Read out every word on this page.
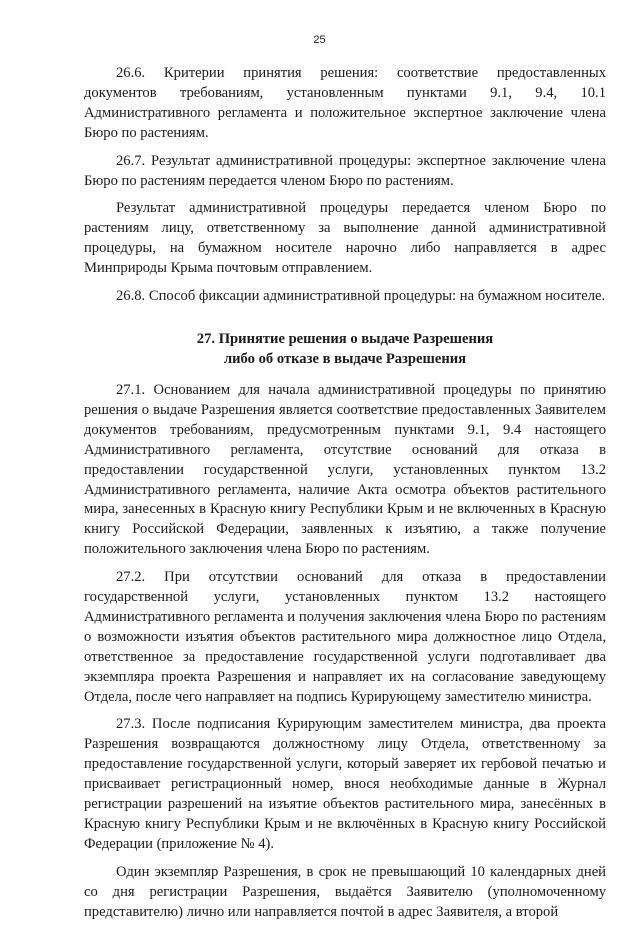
25

26.6. Критерии принятия решения: соответствие предоставленных документов требованиям, установленным пунктами 9.1, 9.4, 10.1 Административного регламента и положительное экспертное заключение члена Бюро по растениям.

26.7. Результат административной процедуры: экспертное заключение члена Бюро по растениям передается членом Бюро по растениям.

Результат административной процедуры передается членом Бюро по растениям лицу, ответственному за выполнение данной административной процедуры, на бумажном носителе нарочно либо направляется в адрес Минприроды Крыма почтовым отправлением.

26.8. Способ фиксации административной процедуры: на бумажном носителе.

27. Принятие решения о выдаче Разрешения
либо об отказе в выдаче Разрешения

27.1. Основанием для начала административной процедуры по принятию решения о выдаче Разрешения является соответствие предоставленных Заявителем документов требованиям, предусмотренным пунктами 9.1, 9.4 настоящего Административного регламента, отсутствие оснований для отказа в предоставлении государственной услуги, установленных пунктом 13.2 Административного регламента, наличие Акта осмотра объектов растительного мира, занесенных в Красную книгу Республики Крым и не включенных в Красную книгу Российской Федерации, заявленных к изъятию, а также получение положительного заключения члена Бюро по растениям.

27.2. При отсутствии оснований для отказа в предоставлении государственной услуги, установленных пунктом 13.2 настоящего Административного регламента и получения заключения члена Бюро по растениям о возможности изъятия объектов растительного мира должностное лицо Отдела, ответственное за предоставление государственной услуги подготавливает два экземпляра проекта Разрешения и направляет их на согласование заведующему Отдела, после чего направляет на подпись Курирующему заместителю министра.

27.3. После подписания Курирующим заместителем министра, два проекта Разрешения возвращаются должностному лицу Отдела, ответственному за предоставление государственной услуги, который заверяет их гербовой печатью и присваивает регистрационный номер, внося необходимые данные в Журнал регистрации разрешений на изъятие объектов растительного мира, занесённых в Красную книгу Республики Крым и не включённых в Красную книгу Российской Федерации (приложение № 4).

Один экземпляр Разрешения, в срок не превышающий 10 календарных дней со дня регистрации Разрешения, выдаётся Заявителю (уполномоченному представителю) лично или направляется почтой в адрес Заявителя, а второй
